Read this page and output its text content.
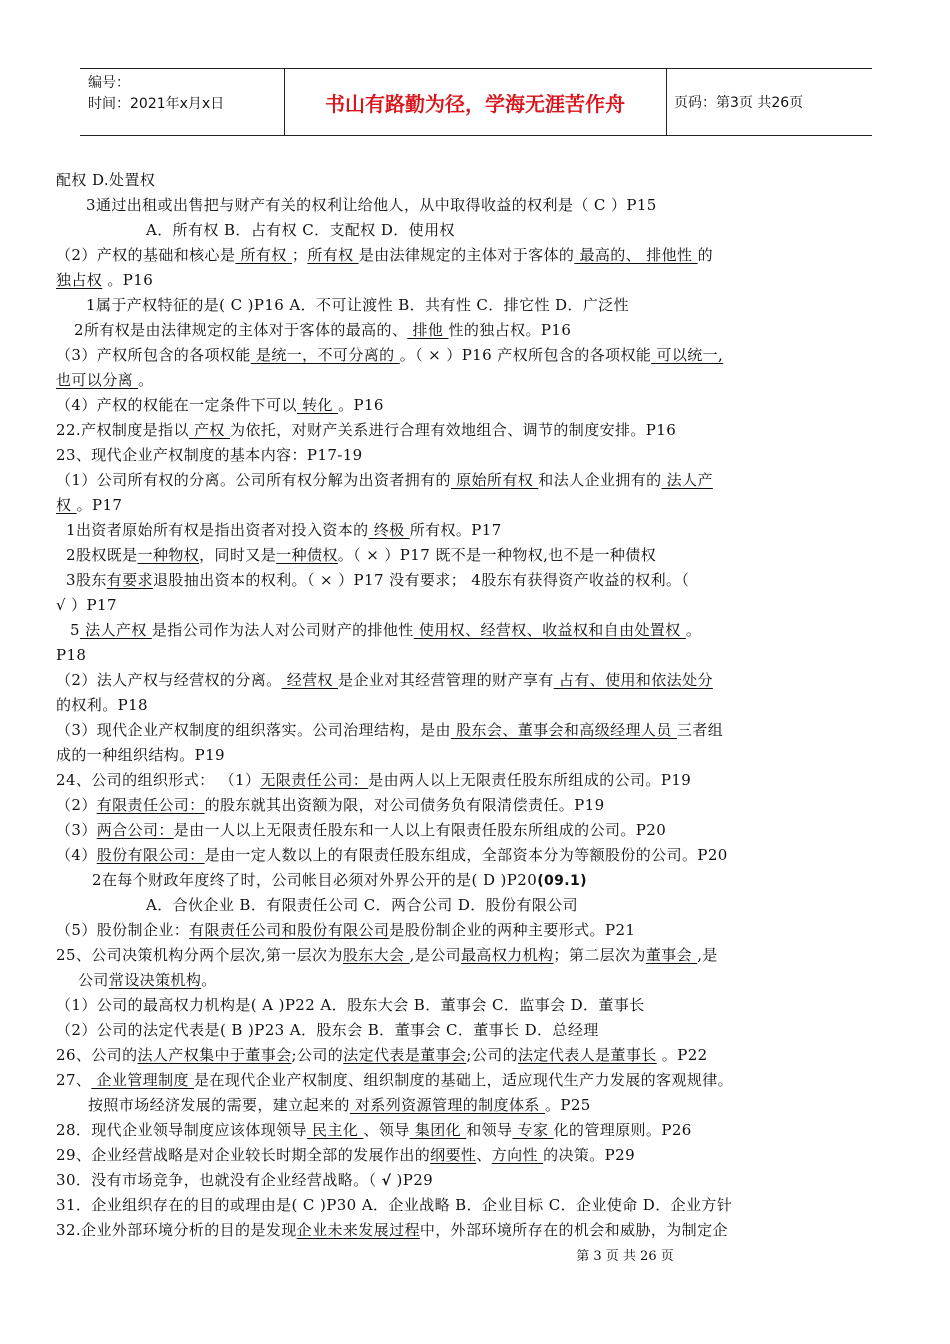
编号：
时间：2021年x月x日	书山有路勤为径，学海无涯苦作舟	页码：第3页 共26页
配权 D.处置权
3通过出租或出售把与财产有关的权利让给他人，从中取得收益的权利是（ C ）P15
A．所有权 B．占有权 C．支配权 D．使用权
（2）产权的基础和核心是 所有权 ；所有权 是由法律规定的主体对于客体的 最高的、 排他性 的
独占权 。P16
1属于产权特征的是( C )P16 A．不可让渡性 B．共有性 C．排它性 D．广泛性
2所有权是由法律规定的主体对于客体的最高的、 排他 性的独占权。P16
（3）产权所包含的各项权能 是统一，不可分离的 。（ × ）P16 产权所包含的各项权能 可以统一,
也可以分离 。
（4）产权的权能在一定条件下可以 转化 。P16
22.产权制度是指以 产权 为依托，对财产关系进行合理有效地组合、调节的制度安排。P16
23、现代企业产权制度的基本内容：P17-19
（1）公司所有权的分离。公司所有权分解为出资者拥有的 原始所有权 和法人企业拥有的 法人产
权 。P17
1出资者原始所有权是指出资者对投入资本的 终极 所有权。P17
2股权既是一种物权，同时又是一种债权。（ × ）P17 既不是一种物权,也不是一种债权
3股东有要求退股抽出资本的权利。（ × ）P17 没有要求； 4股东有获得资产收益的权利。（
√ ）P17
5 法人产权 是指公司作为法人对公司财产的排他性 使用权、经营权、收益权和自由处置权 。
P18
（2）法人产权与经营权的分离。 经营权 是企业对其经营管理的财产享有 占有、使用和依法处分
的权利。P18
（3）现代企业产权制度的组织落实。公司治理结构，是由 股东会、董事会和高级经理人员 三者组
成的一种组织结构。P19
24、公司的组织形式： （1）无限责任公司：是由两人以上无限责任股东所组成的公司。P19
（2）有限责任公司：的股东就其出资额为限，对公司债务负有限清偿责任。P19
（3）两合公司：是由一人以上无限责任股东和一人以上有限责任股东所组成的公司。P20
（4）股份有限公司：是由一定人数以上的有限责任股东组成，全部资本分为等额股份的公司。P20
2在每个财政年度终了时，公司帐目必须对外界公开的是( D )P20(09.1)
A．合伙企业 B．有限责任公司 C．两合公司 D．股份有限公司
（5）股份制企业：有限责任公司和股份有限公司是股份制企业的两种主要形式。P21
25、公司决策机构分两个层次,第一层次为股东大会 ,是公司最高权力机构；第二层次为董事会 ,是
公司常设决策机构。
（1）公司的最高权力机构是( A )P22 A．股东大会 B．董事会 C．监事会 D．董事长
（2）公司的法定代表是( B )P23 A．股东会 B．董事会 C．董事长 D．总经理
26、公司的法人产权集中于董事会;公司的法定代表是董事会;公司的法定代表人是董事长 。P22
27、 企业管理制度 是在现代企业产权制度、组织制度的基础上，适应现代生产力发展的客观规律。
按照市场经济发展的需要，建立起来的 对系列资源管理的制度体系 。P25
28．现代企业领导制度应该体现领导 民主化 、领导 集团化 和领导 专家 化的管理原则。P26
29、企业经营战略是对企业较长时期全部的发展作出的纲要性、方向性 的决策。P29
30．没有市场竞争，也就没有企业经营战略。（ √ )P29
31．企业组织存在的目的或理由是( C )P30 A．企业战略 B．企业目标 C．企业使命 D．企业方针
32.企业外部环境分析的目的是发现企业未来发展过程中，外部环境所存在的机会和威胁，为制定企
第 3 页 共 26 页
